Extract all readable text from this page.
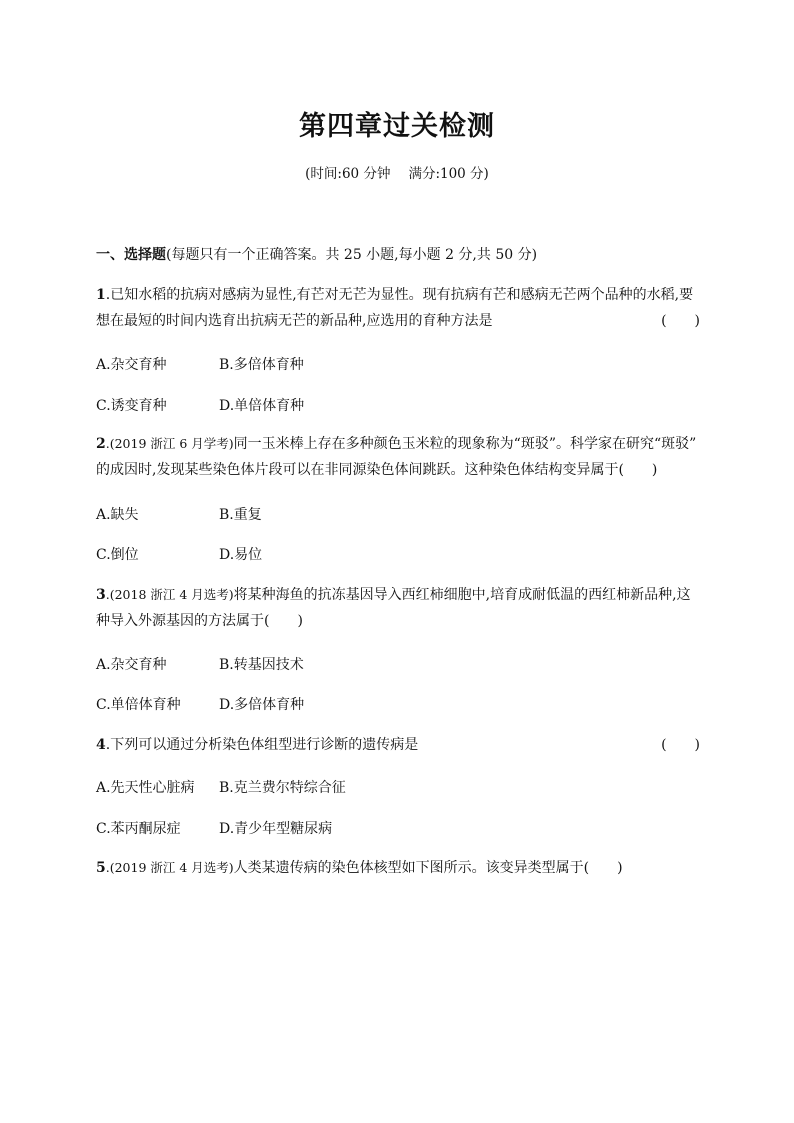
第四章过关检测
(时间:60 分钟 满分:100 分)
一、选择题(每题只有一个正确答案。共 25 小题,每小题 2 分,共 50 分)
1.已知水稻的抗病对感病为显性,有芒对无芒为显性。现有抗病有芒和感病无芒两个品种的水稻,要
想在最短的时间内选育出抗病无芒的新品种,应选用的育种方法是	(　　)
A.杂交育种	B.多倍体育种
C.诱变育种	D.单倍体育种
2.(2019 浙江 6 月学考)同一玉米棒上存在多种颜色玉米粒的现象称为“斑驳”。科学家在研究“斑驳”
的成因时,发现某些染色体片段可以在非同源染色体间跳跃。这种染色体结构变异属于(　　)
A.缺失	B.重复
C.倒位	D.易位
3.(2018 浙江 4 月选考)将某种海鱼的抗冻基因导入西红柿细胞中,培育成耐低温的西红柿新品种,这
种导入外源基因的方法属于(　　)
A.杂交育种	B.转基因技术
C.单倍体育种	D.多倍体育种
4.下列可以通过分析染色体组型进行诊断的遗传病是	(　　)
A.先天性心脏病 B.克兰费尔特综合征
C.苯丙酮尿症	D.青少年型糖尿病
5.(2019 浙江 4 月选考)人类某遗传病的染色体核型如下图所示。该变异类型属于(　　)
